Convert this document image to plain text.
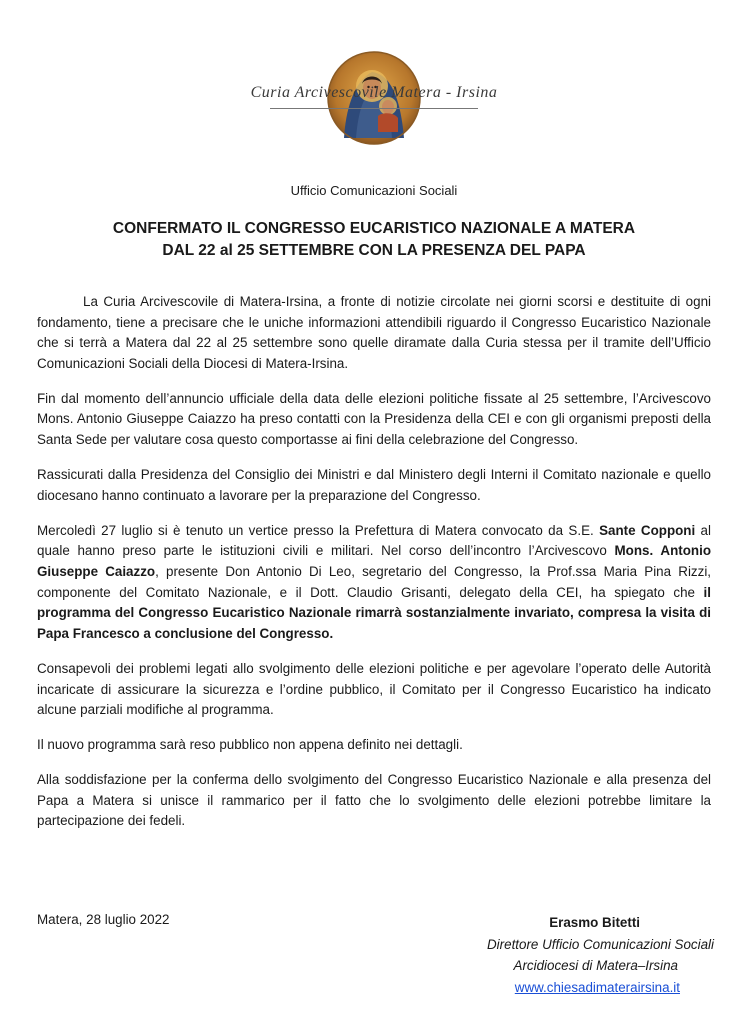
Curia Arcivescovile Matera - Irsina
Ufficio Comunicazioni Sociali
CONFERMATO IL CONGRESSO EUCARISTICO NAZIONALE A MATERA
DAL 22 al 25 SETTEMBRE CON LA PRESENZA DEL PAPA

La Curia Arcivescovile di Matera-Irsina, a fronte di notizie circolate nei giorni scorsi e destituite di ogni fondamento, tiene a precisare che le uniche informazioni attendibili riguardo il Congresso Eucaristico Nazionale che si terrà a Matera dal 22 al 25 settembre sono quelle diramate dalla Curia stessa per il tramite dell’Ufficio Comunicazioni Sociali della Diocesi di Matera-Irsina.

Fin dal momento dell’annuncio ufficiale della data delle elezioni politiche fissate al 25 settembre, l’Arcivescovo Mons. Antonio Giuseppe Caiazzo ha preso contatti con la Presidenza della CEI e con gli organismi preposti della Santa Sede per valutare cosa questo comportasse ai fini della celebrazione del Congresso.

Rassicurati dalla Presidenza del Consiglio dei Ministri e dal Ministero degli Interni il Comitato nazionale e quello diocesano hanno continuato a lavorare per la preparazione del Congresso.

Mercoledì 27 luglio si è tenuto un vertice presso la Prefettura di Matera convocato da S.E. Sante Copponi al quale hanno preso parte le istituzioni civili e militari. Nel corso dell’incontro l’Arcivescovo Mons. Antonio Giuseppe Caiazzo, presente Don Antonio Di Leo, segretario del Congresso, la Prof.ssa Maria Pina Rizzi, componente del Comitato Nazionale, e il Dott. Claudio Grisanti, delegato della CEI, ha spiegato che il programma del Congresso Eucaristico Nazionale rimarrà sostanzialmente invariato, compresa la visita di Papa Francesco a conclusione del Congresso.

Consapevoli dei problemi legati allo svolgimento delle elezioni politiche e per agevolare l’operato delle Autorità incaricate di assicurare la sicurezza e l’ordine pubblico, il Comitato per il Congresso Eucaristico ha indicato alcune parziali modifiche al programma.

Il nuovo programma sarà reso pubblico non appena definito nei dettagli.

Alla soddisfazione per la conferma dello svolgimento del Congresso Eucaristico Nazionale e alla presenza del Papa a Matera si unisce il rammarico per il fatto che lo svolgimento delle elezioni potrebbe limitare la partecipazione dei fedeli.

Matera, 28 luglio 2022	Erasmo Bitetti
Direttore Ufficio Comunicazioni Sociali
Arcidiocesi di Matera–Irsina
www.chiesadimaterairsina.it
